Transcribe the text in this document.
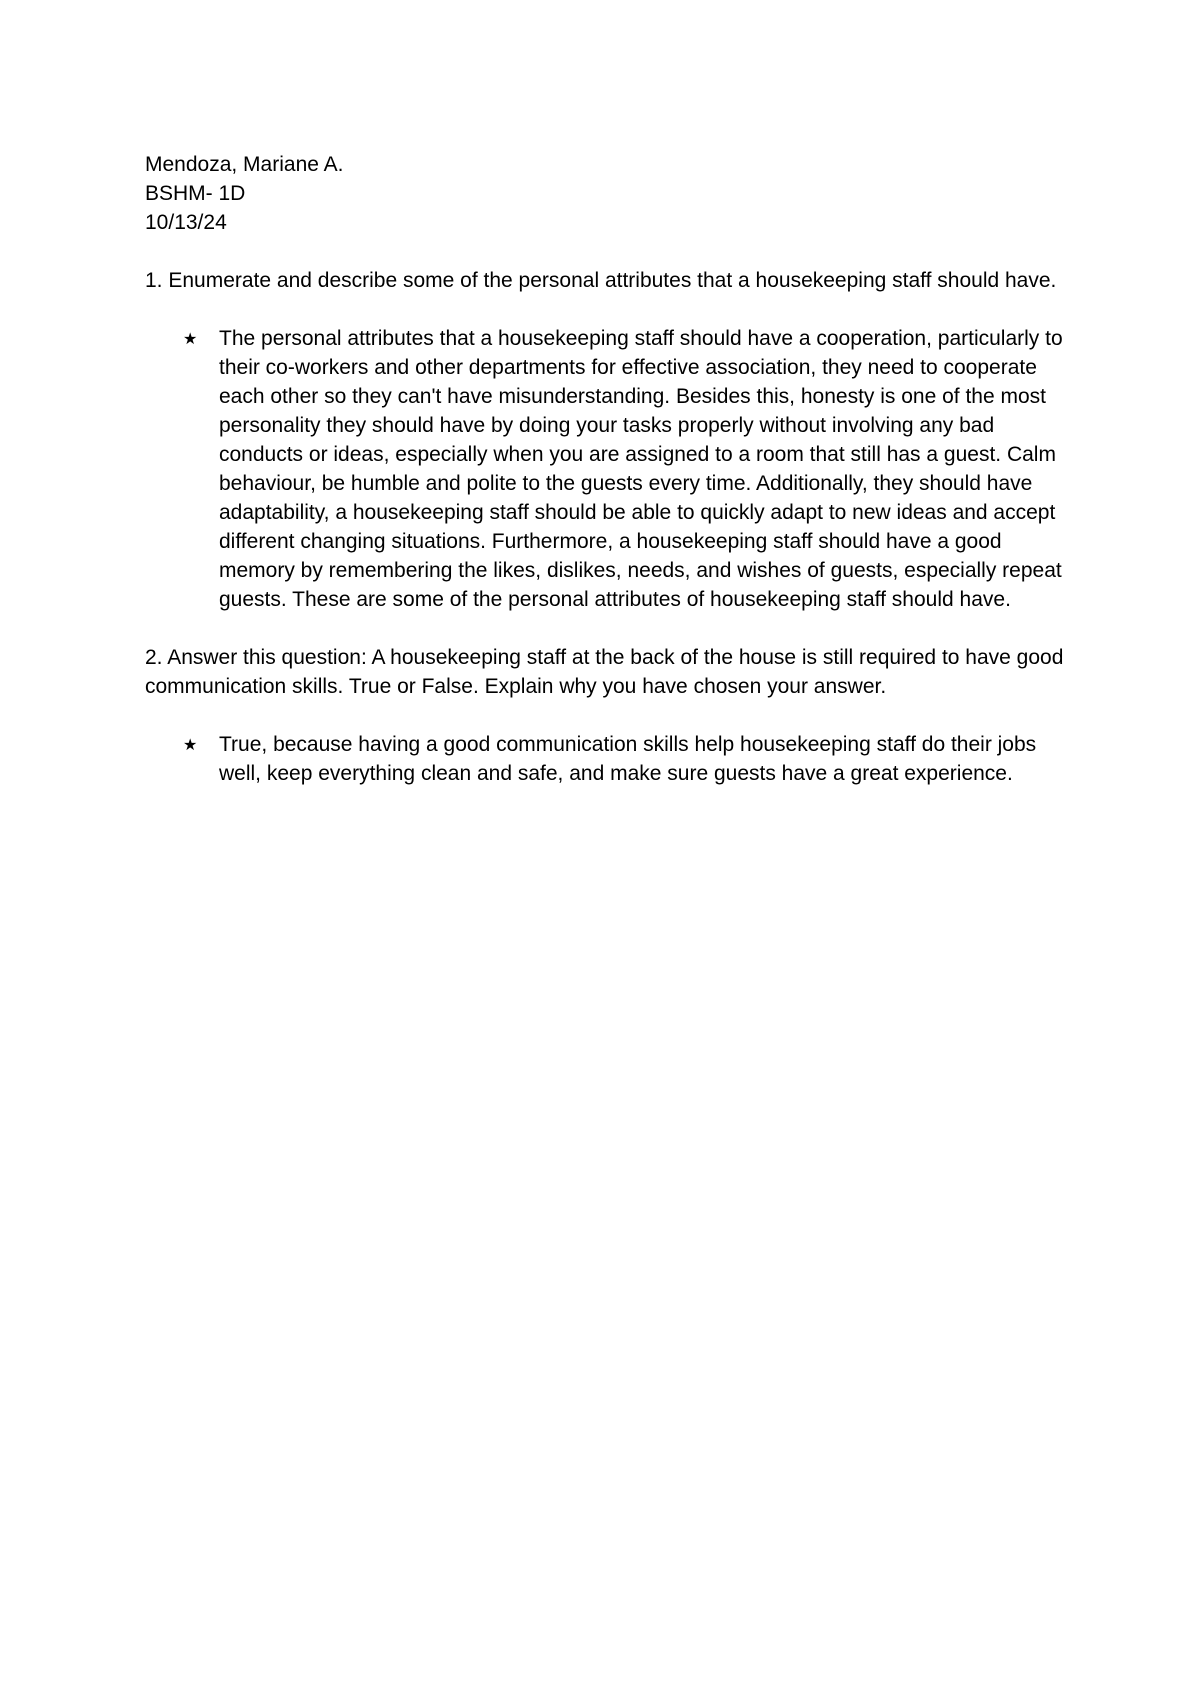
Mendoza, Mariane A.
BSHM- 1D
10/13/24

1. Enumerate and describe some of the personal attributes that a housekeeping staff should have.

★ The personal attributes that a housekeeping staff should have a cooperation, particularly to their co-workers and other departments for effective association, they need to cooperate each other so they can't have misunderstanding. Besides this, honesty is one of the most personality they should have by doing your tasks properly without involving any bad conducts or ideas, especially when you are assigned to a room that still has a guest. Calm behaviour, be humble and polite to the guests every time. Additionally, they should have adaptability, a housekeeping staff should be able to quickly adapt to new ideas and accept different changing situations. Furthermore, a housekeeping staff should have a good memory by remembering the likes, dislikes, needs, and wishes of guests, especially repeat guests. These are some of the personal attributes of housekeeping staff should have.

2. Answer this question: A housekeeping staff at the back of the house is still required to have good communication skills. True or False. Explain why you have chosen your answer.

★ True, because having a good communication skills help housekeeping staff do their jobs well, keep everything clean and safe, and make sure guests have a great experience.
